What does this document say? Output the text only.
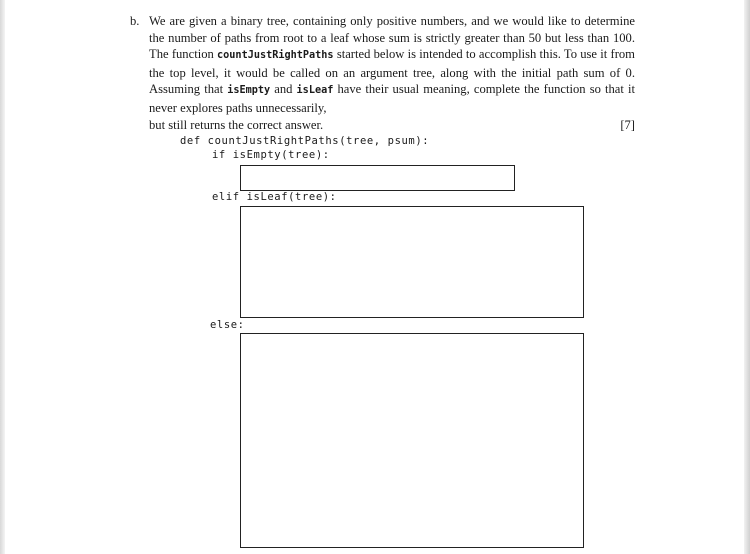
b. We are given a binary tree, containing only positive numbers, and we would like to determine the number of paths from root to a leaf whose sum is strictly greater than 50 but less than 100. The function countJustRightPaths started below is intended to accomplish this. To use it from the top level, it would be called on an argument tree, along with the initial path sum of 0. Assuming that isEmpty and isLeaf have their usual meaning, complete the function so that it never explores paths unnecessarily,
but still returns the correct answer.	[7]
def countJustRightPaths(tree, psum):
if isEmpty(tree):
elif isLeaf(tree):
else:
